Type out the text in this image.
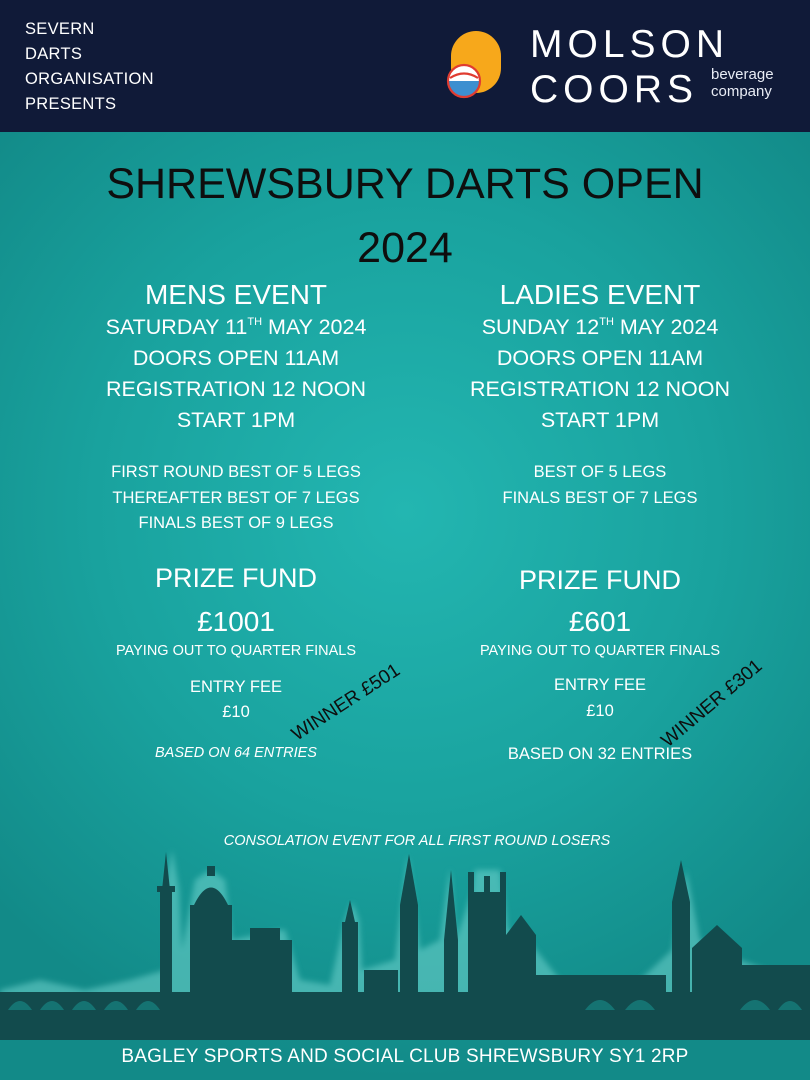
SEVERN
DARTS
ORGANISATION
PRESENTS
MOLSON
COORS beverage
company
SHREWSBURY DARTS OPEN
2024
MENS EVENT
SATURDAY 11TH MAY 2024
DOORS OPEN 11AM
REGISTRATION 12 NOON
START 1PM
FIRST ROUND BEST OF 5 LEGS
THEREAFTER BEST OF 7 LEGS
FINALS BEST OF 9 LEGS
PRIZE FUND
£1001
PAYING OUT TO QUARTER FINALS
ENTRY FEE
£10
BASED ON 64 ENTRIES
WINNER £501
LADIES EVENT
SUNDAY 12TH MAY 2024
DOORS OPEN 11AM
REGISTRATION 12 NOON
START 1PM
BEST OF 5 LEGS
FINALS BEST OF 7 LEGS
PRIZE FUND
£601
PAYING OUT TO QUARTER FINALS
ENTRY FEE
£10
BASED ON 32 ENTRIES
WINNER £301
CONSOLATION EVENT FOR ALL FIRST ROUND LOSERS
BAGLEY SPORTS AND SOCIAL CLUB SHREWSBURY SY1 2RP
